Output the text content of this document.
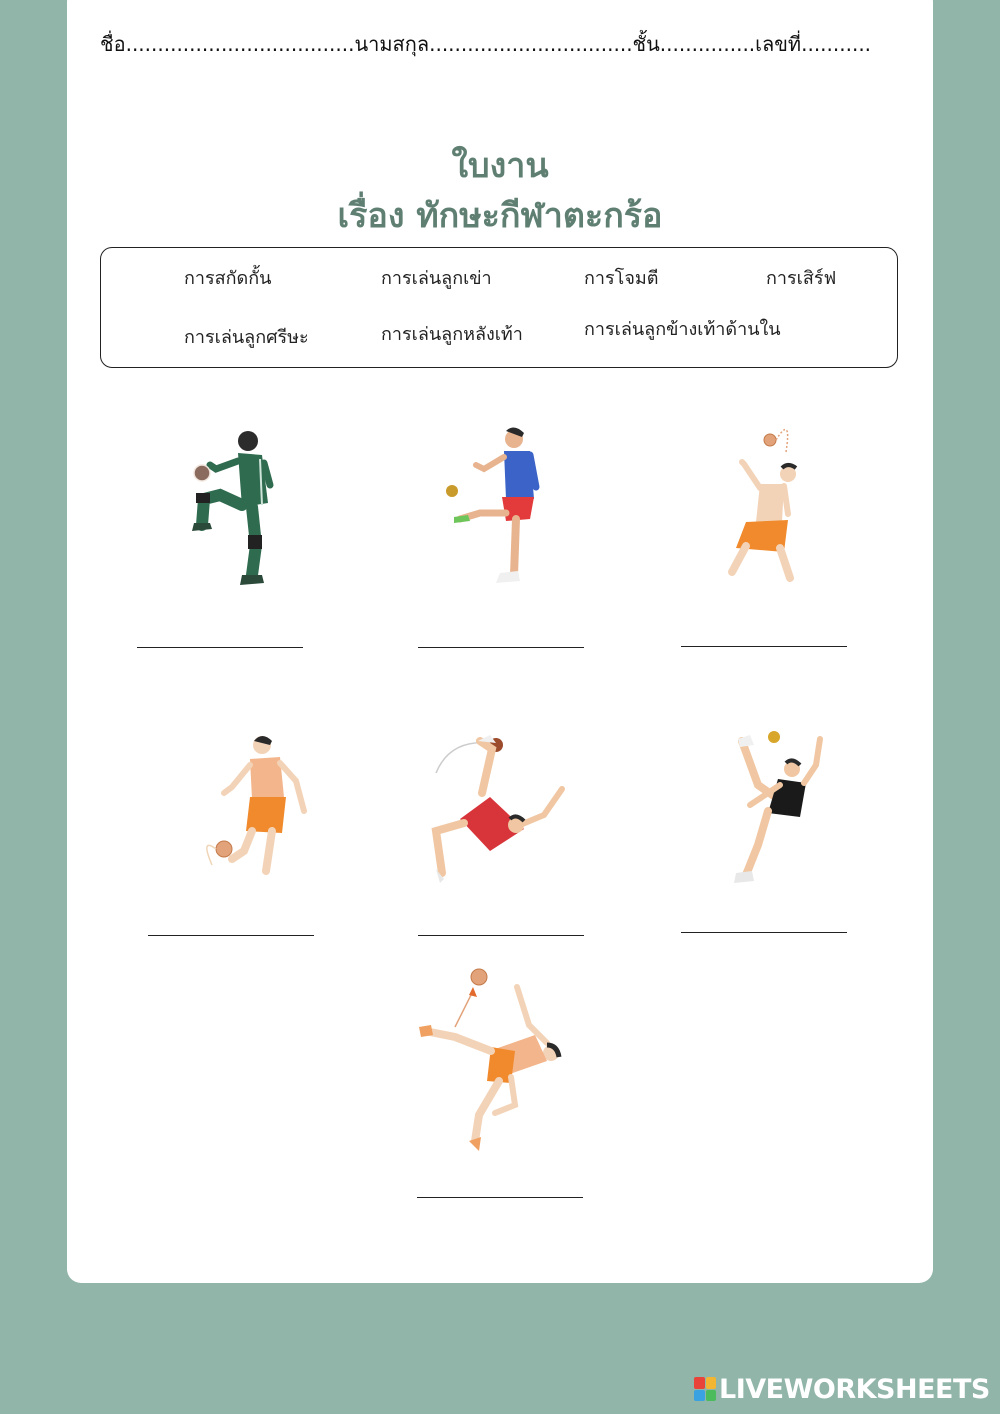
ชื่อ....................................นามสกุล................................ชั้น...............เลขที่...........
ใบงาน
เรื่อง ทักษะกีฬาตะกร้อ
การสกัดกั้น	การเล่นลูกเข่า	การโจมตี	การเสิร์ฟ
การเล่นลูกศรีษะ	การเล่นลูกหลังเท้า	การเล่นลูกข้างเท้าด้านใน
LIVEWORKSHEETS
